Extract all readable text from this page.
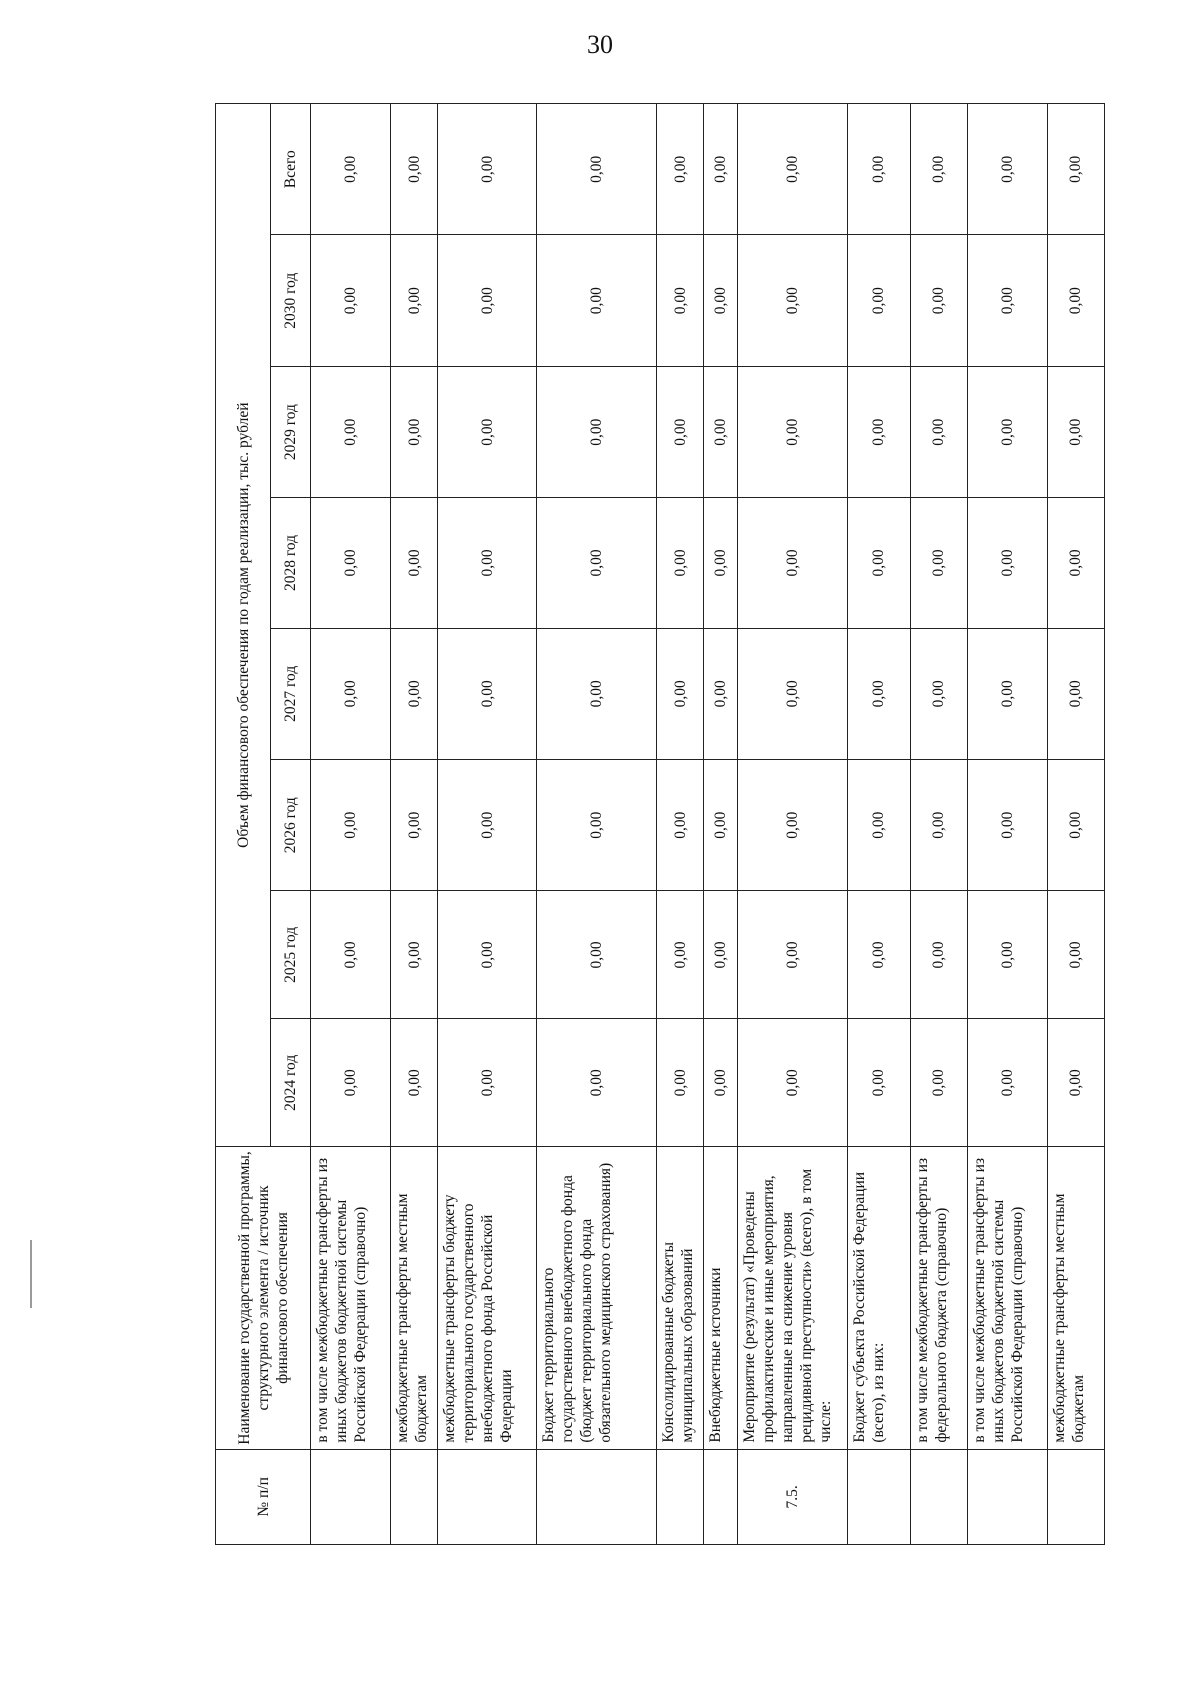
30
№ п/п	Наименование государственной программы, структурного элемента / источник финансового обеспечения	Объем финансового обеспечения по годам реализации, тыс. рублей							
		2024 год	2025 год	2026 год	2027 год	2028 год	2029 год	2030 год	Всего
	в том числе межбюджетные трансферты из иных бюджетов бюджетной системы Российской Федерации (справочно)	0,00	0,00	0,00	0,00	0,00	0,00	0,00	0,00
	межбюджетные трансферты местным бюджетам	0,00	0,00	0,00	0,00	0,00	0,00	0,00	0,00
	межбюджетные трансферты бюджету территориального государственного внебюджетного фонда Российской Федерации	0,00	0,00	0,00	0,00	0,00	0,00	0,00	0,00
	Бюджет территориального государственного внебюджетного фонда (бюджет территориального фонда обязательного медицинского страхования)	0,00	0,00	0,00	0,00	0,00	0,00	0,00	0,00
	Консолидированные бюджеты муниципальных образований	0,00	0,00	0,00	0,00	0,00	0,00	0,00	0,00
	Внебюджетные источники	0,00	0,00	0,00	0,00	0,00	0,00	0,00	0,00
7.5.	Мероприятие (результат) «Проведены профилактические и иные мероприятия, направленные на снижение уровня рецидивной преступности» (всего), в том числе:	0,00	0,00	0,00	0,00	0,00	0,00	0,00	0,00
	Бюджет субъекта Российской Федерации (всего), из них:	0,00	0,00	0,00	0,00	0,00	0,00	0,00	0,00
	в том числе межбюджетные трансферты из федерального бюджета (справочно)	0,00	0,00	0,00	0,00	0,00	0,00	0,00	0,00
	в том числе межбюджетные трансферты из иных бюджетов бюджетной системы Российской Федерации (справочно)	0,00	0,00	0,00	0,00	0,00	0,00	0,00	0,00
	межбюджетные трансферты местным бюджетам	0,00	0,00	0,00	0,00	0,00	0,00	0,00	0,00
